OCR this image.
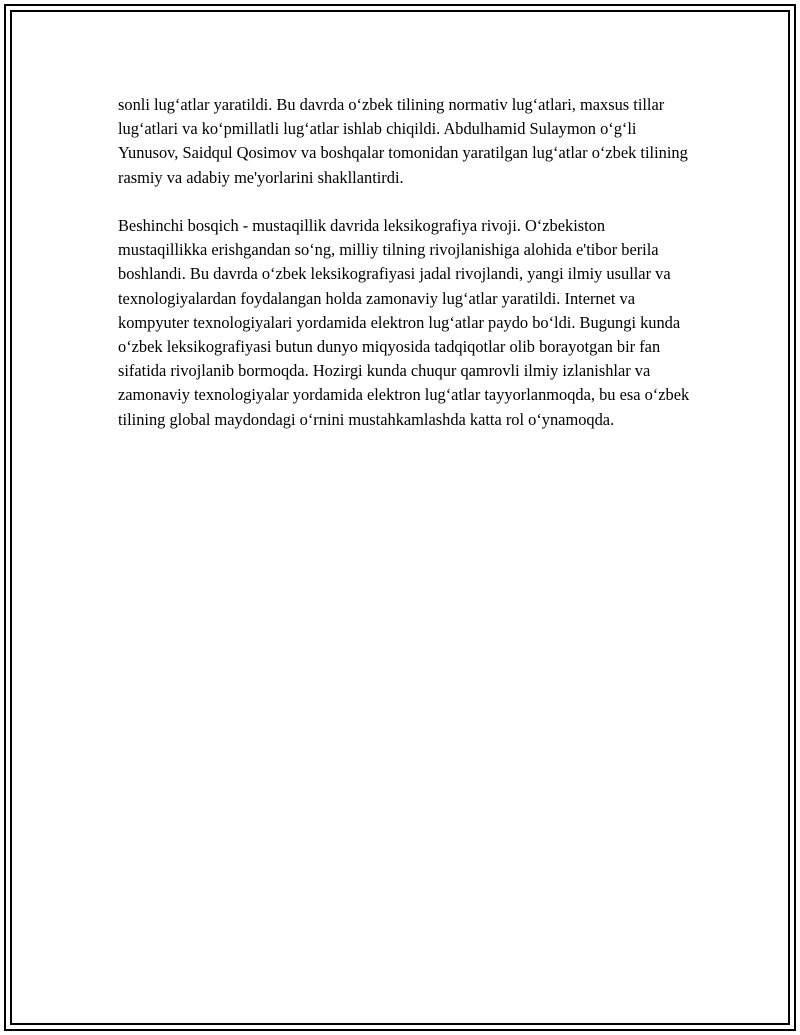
sonli lug‘atlar yaratildi. Bu davrda o‘zbek tilining normativ lug‘atlari, maxsus tillar lug‘atlari va ko‘pmillatli lug‘atlar ishlab chiqildi. Abdulhamid Sulaymon o‘g‘li Yunusov, Saidqul Qosimov va boshqalar tomonidan yaratilgan lug‘atlar o‘zbek tilining rasmiy va adabiy me'yorlarini shakllantirdi.

Beshinchi bosqich - mustaqillik davrida leksikografiya rivoji. O‘zbekiston mustaqillikka erishgandan so‘ng, milliy tilning rivojlanishiga alohida e'tibor berila boshlandi. Bu davrda o‘zbek leksikografiyasi jadal rivojlandi, yangi ilmiy usullar va texnologiyalardan foydalangan holda zamonaviy lug‘atlar yaratildi. Internet va kompyuter texnologiyalari yordamida elektron lug‘atlar paydo bo‘ldi. Bugungi kunda o‘zbek leksikografiyasi butun dunyo miqyosida tadqiqotlar olib borayotgan bir fan sifatida rivojlanib bormoqda. Hozirgi kunda chuqur qamrovli ilmiy izlanishlar va zamonaviy texnologiyalar yordamida elektron lug‘atlar tayyorlanmoqda, bu esa o‘zbek tilining global maydondagi o‘rnini mustahkamlashda katta rol o‘ynamoqda.
